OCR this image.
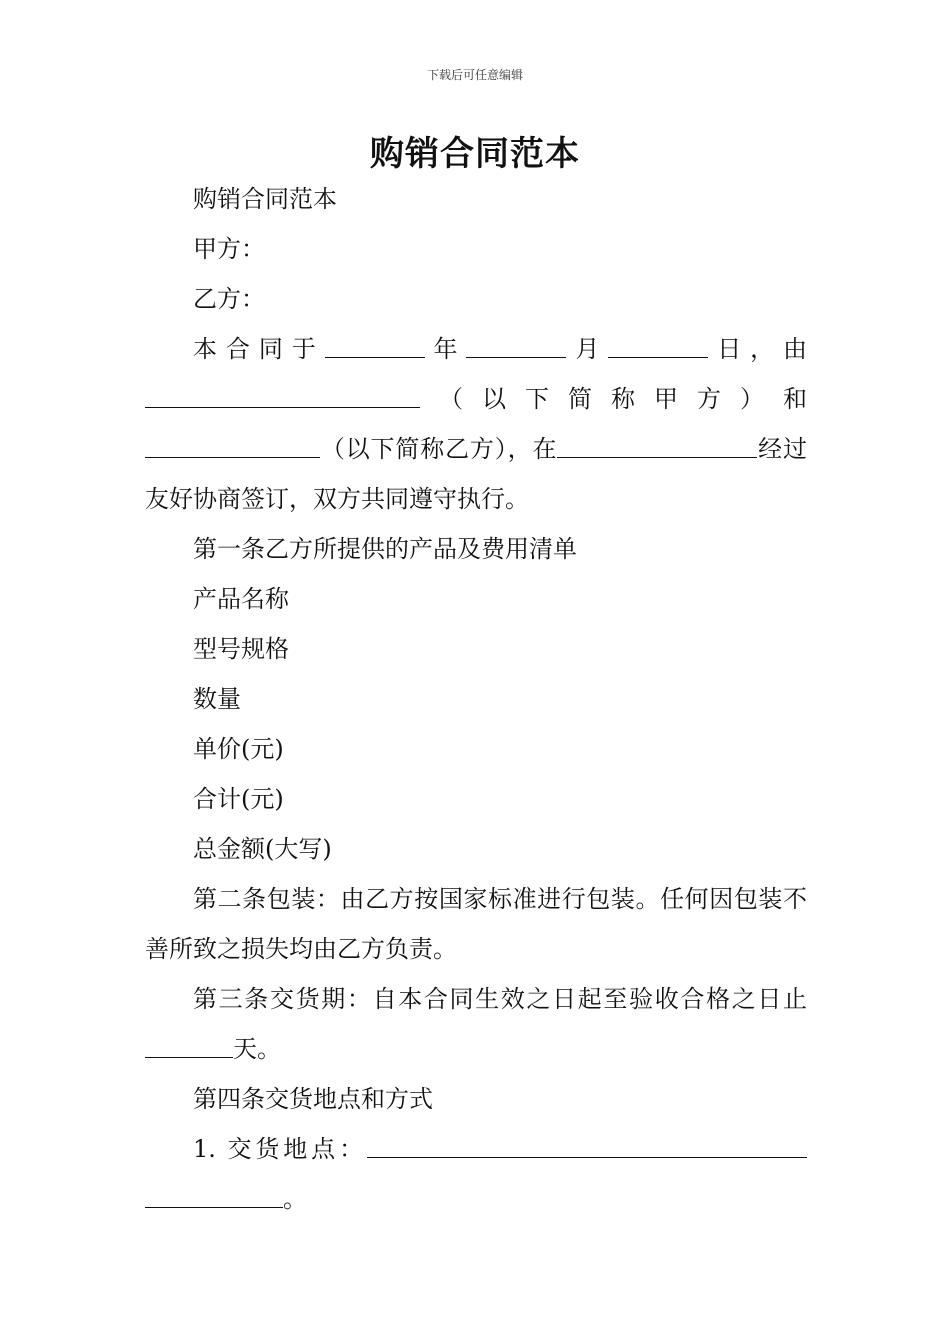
下载后可任意编辑
购销合同范本

购销合同范本

甲方：

乙方：

本合同于	年	月	日，由（以下简称甲方）和（以下简称乙方），在	经过友好协商签订，双方共同遵守执行。

第一条乙方所提供的产品及费用清单

产品名称

型号规格

数量

单价(元)

合计(元)

总金额(大写)

第二条包装：由乙方按国家标准进行包装。任何因包装不善所致之损失均由乙方负责。

第三条交货期：自本合同生效之日起至验收合格之日止天。

第四条交货地点和方式

1. 交货地点：。
